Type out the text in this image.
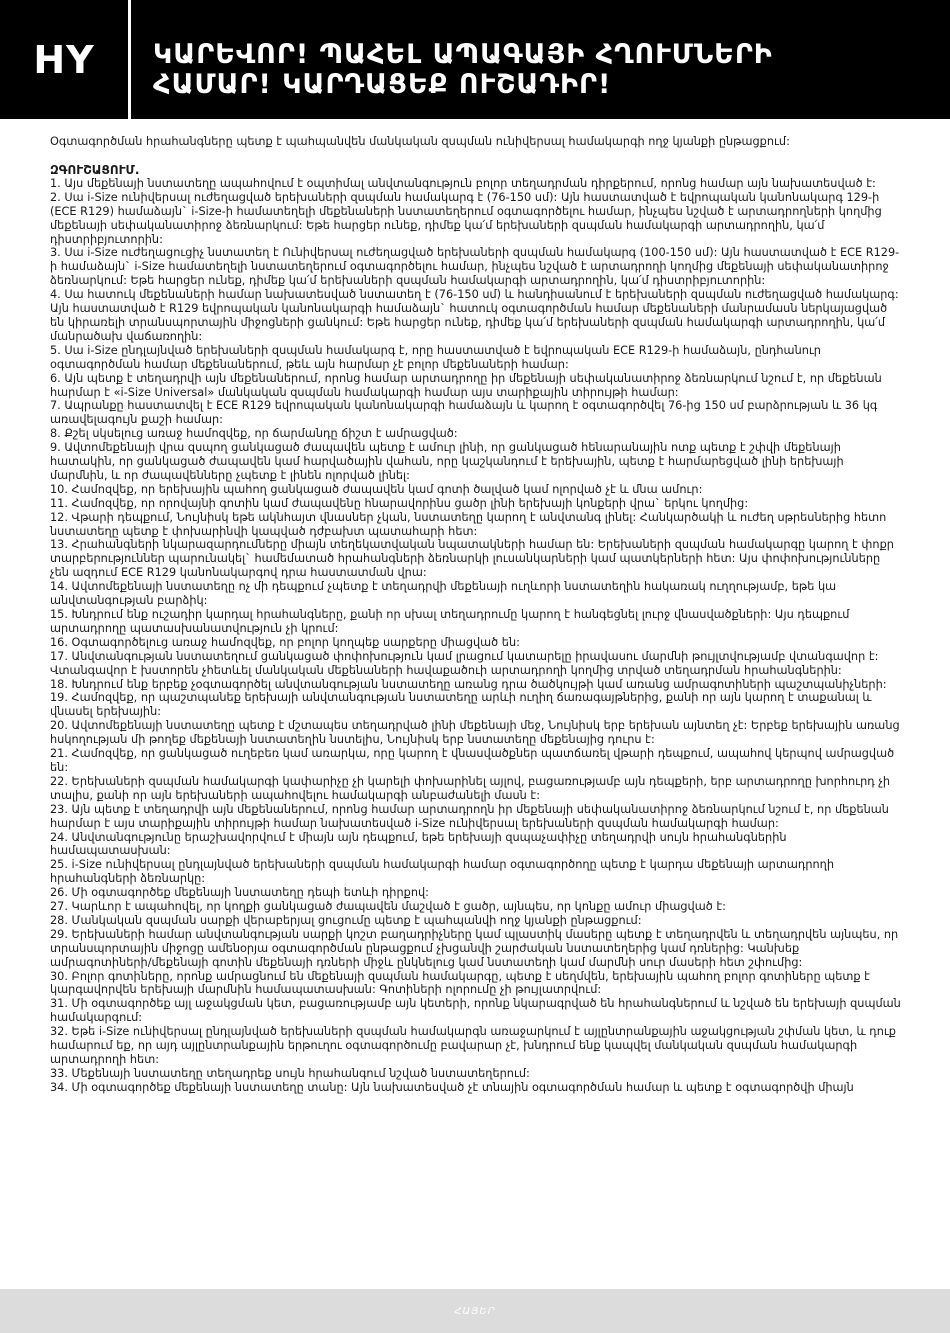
HY	ԿԱՐԵՎՈՐ! ՊԱՀԵԼ ԱՊԱԳԱՅԻ ՀՂՈՒՄՆԵՐԻ
ՀԱՄԱՐ! ԿԱՐԴԱՑԵՔ ՈՒՇԱԴԻՐ!

Օգտագործման հրահանգները պետք է պահպանվեն մանկական զսպման ունիվերսալ համակարգի ողջ կյանքի ընթացքում:

ԶԳՈՒՇԱՑՈՒՄ.

1. Այս մեքենայի նստատեղը ապահովում է օպտիմալ անվտանգություն բոլոր տեղադրման դիրքերում, որոնց համար այն նախատեսված է:
2. Սա i-Size ունիվերսալ ուժեղացված երեխաների զսպման համակարգ է (76-150 սմ): Այն հաստատված է եվրոպական կանոնակարգ 129-ի (ECE R129) համաձայն` i-Size-ի համատեղելի մեքենաների նստատեղերում օգտագործելու համար, ինչպես նշված է արտադրողների կողմից մեքենայի սեփականատիրոջ ձեռնարկում: Եթե հարցեր ունեք, դիմեք կա՛մ երեխաների զսպման համակարգի արտադրողին, կա՛մ դիստրիբյուտորին:
3. Սա i-Size ուժեղացուցիչ նստատեղ է Ունիվերսալ ուժեղացված երեխաների զսպման համակարգ (100-150 սմ): Այն հաստատված է ECE R129-ի համաձայն` i-Size համատեղելի նստատեղերում օգտագործելու համար, ինչպես նշված է արտադրողի կողմից մեքենայի սեփականատիրոջ ձեռնարկում: Եթե հարցեր ունեք, դիմեք կա՛մ երեխաների զսպման համակարգի արտադրողին, կա՛մ դիստրիբյուտորին:
4. Սա հատուկ մեքենաների համար նախատեսված նստատեղ է (76-150 սմ) և հանդիսանում է երեխաների զսպման ուժեղացված համակարգ: Այն հաստատված է R129 եվրոպական կանոնակարգի համաձայն` հատուկ օգտագործման համար մեքենաների մանրամասն ներկայացված են կիրառելի տրանսպորտային միջոցների ցանկում: Եթե հարցեր ունեք, դիմեք կա՛մ երեխաների զսպման համակարգի արտադրողին, կա՛մ մանրածախ վաճառողին:
5. Սա i-Size ընդլայնված երեխաների զսպման համակարգ է, որը հաստատված է եվրոպական ECE R129-ի համաձայն, ընդհանուր օգտագործման համար մեքենաներում, թեև այն հարմար չէ բոլոր մեքենաների համար:
6. Այն պետք է տեղադրվի այն մեքենաներում, որոնց համար արտադրողը իր մեքենայի սեփականատիրոջ ձեռնարկում նշում է, որ մեքենան հարմար է «i-Size Universal» մանկական զսպման համակարգի համար այս տարիքային տիրույթի համար:
7. Ապրանքը հաստատվել է ECE R129 եվրոպական կանոնակարգի համաձայն և կարող է օգտագործվել 76-ից 150 սմ բարձրության և 36 կգ առավելագույն քաշի համար:
8. Քշել սկսելուց առաջ համոզվեք, որ ճարմանդը ճիշտ է ամրացված:
9. Ավտոմեքենայի վրա զսպող ցանկացած ժապավեն պետք է ամուր լինի, որ ցանկացած հենարանային ոտք պետք է շփվի մեքենայի հատակին, որ ցանկացած ժապավեն կամ հարվածային վահան, որը կաշկանդում է երեխային, պետք է հարմարեցված լինի երեխայի մարմնին, և որ ժապավենները չպետք է լինեն ոլորված լինել:
10. Համոզվեք, որ երեխային պահող ցանկացած ժապավեն կամ գոտի ծալված կամ ոլորված չէ և մնա ամուր:
11. Համոզվեք, որ որովայնի գոտին կամ ժապավենը հնարավորինս ցածր լինի երեխայի կոնքերի վրա` երկու կողմից:
12. Վթարի դեպքում, Նույնիսկ եթե ակնհայտ վնասներ չկան, նստատեղը կարող է անվտանգ լինել: Հանկարծակի և ուժեղ սթրեսներից հետո նստատեղը պետք է փոխարինվի կապված դժբախտ պատահարի հետ:
13. Հրահանգների նկարազարդումները միայն տեղեկատվական նպատակների համար են: Երեխաների զսպման համակարգը կարող է փոքր տարբերություններ պարունակել` համեմատած հրահանգների ձեռնարկի լուսանկարների կամ պատկերների հետ: Այս փոփոխությունները չեն ազդում ECE R129 կանոնակարգով դրա հաստատման վրա:
14. Ավտոմեքենայի նստատեղը ոչ մի դեպքում չպետք է տեղադրվի մեքենայի ուղևորի նստատեղին հակառակ ուղղությամբ, եթե կա անվտանգության բարձիկ:
15. Խնդրում ենք ուշադիր կարդալ հրահանգները, քանի որ սխալ տեղադրումը կարող է հանգեցնել լուրջ վնասվածքների: Այս դեպքում արտադրողը պատասխանատվություն չի կրում:
16. Օգտագործելուց առաջ համոզվեք, որ բոլոր կողպեք սարքերը միացված են:
17. Անվտանգության նստատեղում ցանկացած փոփոխություն կամ լրացում կատարելը իրավասու մարմնի թույլտվությամբ վտանգավոր է: Վտանգավոր է խստորեն չհետևել մանկական մեքենաների հավաքածուի արտադրողի կողմից տրված տեղադրման հրահանգներին:
18. Խնդրում ենք երբեք չօգտագործել անվտանգության նստատեղը առանց դրա ծածկույթի կամ առանց ամրագոտիների պաշտպանիչների:
19. Համոզվեք, որ պաշտպանեք երեխայի անվտանգության նստատեղը արևի ուղիղ ճառագայթներից, քանի որ այն կարող է տաքանալ և վնասել երեխային:
20. Ավտոմեքենայի նստատեղը պետք է մշտապես տեղադրված լինի մեքենայի մեջ, Նույնիսկ երբ երեխան այնտեղ չէ: Երբեք երեխային առանց հսկողության մի թողեք մեքենայի նստատեղին նստելիս, Նույնիսկ երբ նստատեղը մեքենայից դուրս է:
21. Համոզվեք, որ ցանկացած ուղեբեռ կամ առարկա, որը կարող է վնասվածքներ պատճառել վթարի դեպքում, ապահով կերպով ամրացված են:
22. Երեխաների զսպման համակարգի կափարիչը չի կարելի փոխարինել այլով, բացառությամբ այն դեպքերի, երբ արտադրողը խորհուրդ չի տալիս, քանի որ այն երեխաների ապահովելու համակարգի անբաժանելի մասն է:
23. Այն պետք է տեղադրվի այն մեքենաներում, որոնց համար արտադրողն իր մեքենայի սեփականատիրոջ ձեռնարկում նշում է, որ մեքենան հարմար է այս տարիքային տիրույթի համար նախատեսված i-Size ունիվերսալ երեխաների զսպման համակարգի համար:
24. Անվտանգությունը երաշխավորվում է միայն այն դեպքում, եթե երեխայի զսպաչափիչը տեղադրվի սույն հրահանգներին համապատասխան:
25. i-Size ունիվերսալ ընդլայնված երեխաների զսպման համակարգի համար օգտագործողը պետք է կարդա մեքենայի արտադրողի հրահանգների ձեռնարկը:
26. Մի օգտագործեք մեքենայի նստատեղը դեպի ետևի դիրքով:
27. Կարևոր է ապահովել, որ կողքի ցանկացած ժապավեն մաշված է ցածր, այնպես, որ կոնքը ամուր միացված է:
28. Մանկական զսպման սարքի վերաբերյալ ցուցումը պետք է պահպանվի ողջ կյանքի ընթացքում:
29. Երեխաների համար անվտանգության սարքի կոշտ բաղադրիչները կամ պլաստիկ մասերը պետք է տեղադրվեն և տեղադրվեն այնպես, որ տրանսպորտային միջոցը ամենօրյա օգտագործման ընթացքում չխցանվի շարժական նստատեղերից կամ դռներից: Կանխեք ամրագոտիների/մեքենայի գոտին մեքենայի դռների միջև ընկնելուց կամ նստատեղի կամ մարմնի սուր մասերի հետ շփումից:
30. Բոլոր գոտիները, որոնք ամրացնում են մեքենայի զսպման համակարգը, պետք է սեղմվեն, երեխային պահող բոլոր գոտիները պետք է կարգավորվեն երեխայի մարմնին համապատասխան: Գոտիների ոլորումը չի թույլատրվում:
31. Մի օգտագործեք այլ աջակցման կետ, բացառությամբ այն կետերի, որոնք նկարագրված են հրահանգներում և նշված են երեխայի զսպման համակարգում:
32. Եթե i-Size ունիվերսալ ընդլայնված երեխաների զսպման համակարգն առաջարկում է այլընտրանքային աջակցության շփման կետ, և դուք համարում եք, որ այդ այլընտրանքային երթուղու օգտագործումը բավարար չէ, խնդրում ենք կապվել մանկական զսպման համակարգի արտադրողի հետ:
33. Մեքենայի նստատեղը տեղադրեք սույն հրահանգում նշված նստատեղերում:
34. Մի օգտագործեք մեքենայի նստատեղը տանը: Այն նախատեսված չէ տնային օգտագործման համար և պետք է օգտագործվի միայն
ՀԱՅԵՐ
